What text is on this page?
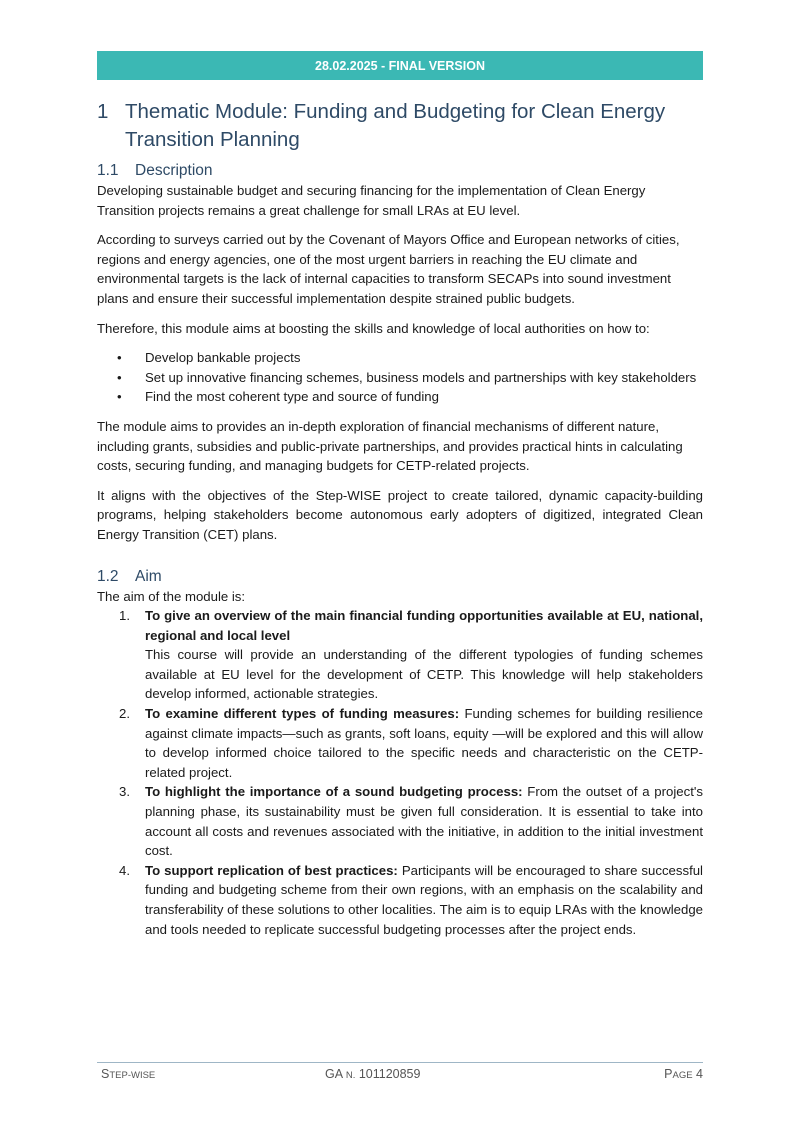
28.02.2025 - FINAL VERSION
1 Thematic Module: Funding and Budgeting for Clean Energy Transition Planning
1.1	Description

Developing sustainable budget and securing financing for the implementation of Clean Energy Transition projects remains a great challenge for small LRAs at EU level.

According to surveys carried out by the Covenant of Mayors Office and European networks of cities, regions and energy agencies, one of the most urgent barriers in reaching the EU climate and environmental targets is the lack of internal capacities to transform SECAPs into sound investment plans and ensure their successful implementation despite strained public budgets.

Therefore, this module aims at boosting the skills and knowledge of local authorities on how to:

•	Develop bankable projects
•	Set up innovative financing schemes, business models and partnerships with key stakeholders
•	Find the most coherent type and source of funding

The module aims to provides an in-depth exploration of financial mechanisms of different nature, including grants, subsidies and public-private partnerships, and provides practical hints in calculating costs, securing funding, and managing budgets for CETP-related projects.

It aligns with the objectives of the Step-WISE project to create tailored, dynamic capacity-building programs, helping stakeholders become autonomous early adopters of digitized, integrated Clean Energy Transition (CET) plans.

1.2	Aim

The aim of the module is:

1.	To give an overview of the main financial funding opportunities available at EU, national, regional and local level
This course will provide an understanding of the different typologies of funding schemes available at EU level for the development of CETP. This knowledge will help stakeholders develop informed, actionable strategies.
2.	To examine different types of funding measures: Funding schemes for building resilience against climate impacts—such as grants, soft loans, equity —will be explored and this will allow to develop informed choice tailored to the specific needs and characteristic on the CETP-related project.
3.	To highlight the importance of a sound budgeting process: From the outset of a project's planning phase, its sustainability must be given full consideration. It is essential to take into account all costs and revenues associated with the initiative, in addition to the initial investment cost.
4.	To support replication of best practices: Participants will be encouraged to share successful funding and budgeting scheme from their own regions, with an emphasis on the scalability and transferability of these solutions to other localities. The aim is to equip LRAs with the knowledge and tools needed to replicate successful budgeting processes after the project ends.
STEP-WISE	GA N. 101120859	PAGE 4
